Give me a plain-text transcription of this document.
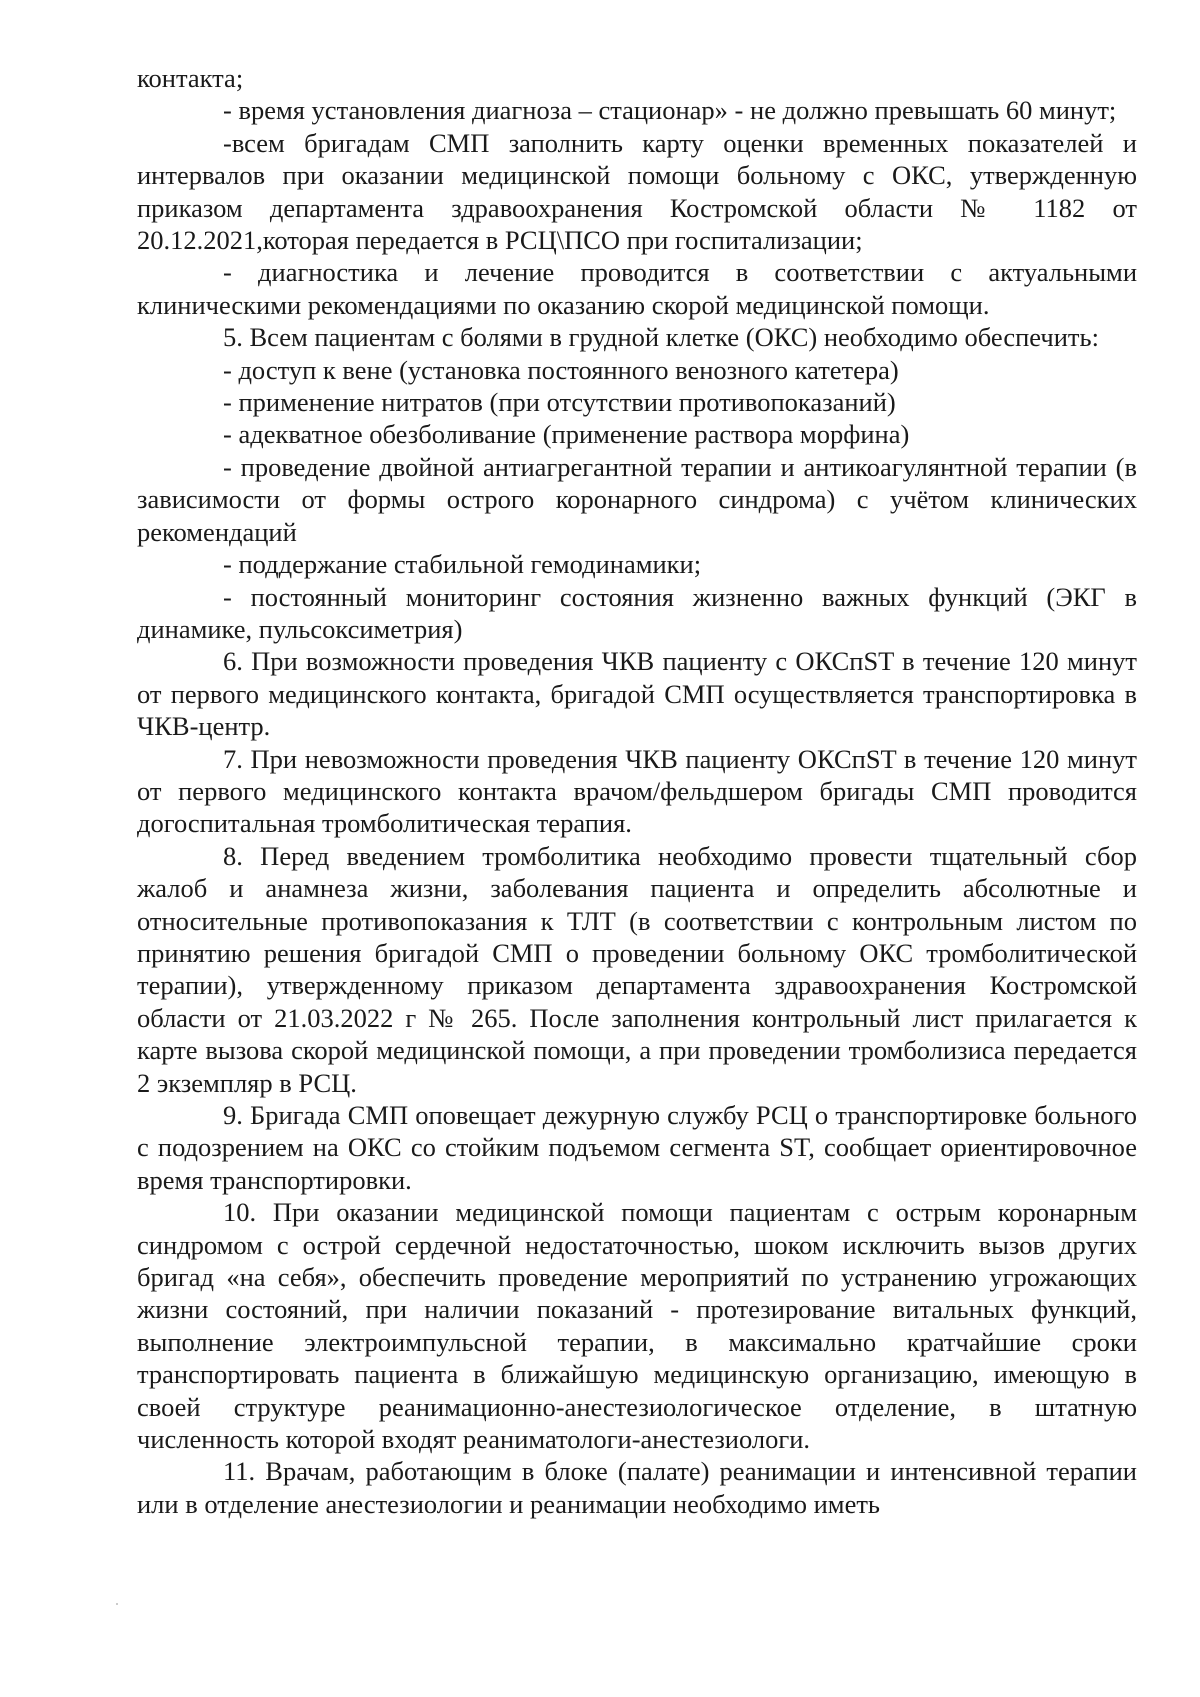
контакта;

- время установления диагноза – стационар» - не должно превышать 60 минут;

-всем бригадам СМП заполнить карту оценки временных показателей и интервалов при оказании медицинской помощи больному с ОКС, утвержденную приказом департамента здравоохранения Костромской области № 1182 от 20.12.2021,которая передается в РСЦ\ПСО при госпитализации;

- диагностика и лечение проводится в соответствии с актуальными клиническими рекомендациями по оказанию скорой медицинской помощи.

5. Всем пациентам с болями в грудной клетке (ОКС) необходимо обеспечить:

- доступ к вене (установка постоянного венозного катетера)

- применение нитратов (при отсутствии противопоказаний)

- адекватное обезболивание (применение раствора морфина)

- проведение двойной антиагрегантной терапии и антикоагулянтной терапии (в зависимости от формы острого коронарного синдрома) с учётом клинических рекомендаций

- поддержание стабильной гемодинамики;

- постоянный мониторинг состояния жизненно важных функций (ЭКГ в динамике, пульсоксиметрия)

6. При возможности проведения ЧКВ пациенту с ОКСпST в течение 120 минут от первого медицинского контакта, бригадой СМП осуществляется транспортировка в ЧКВ-центр.

7. При невозможности проведения ЧКВ пациенту ОКСпST в течение 120 минут от первого медицинского контакта врачом/фельдшером бригады СМП проводится догоспитальная тромболитическая терапия.

8. Перед введением тромболитика необходимо провести тщательный сбор жалоб и анамнеза жизни, заболевания пациента и определить абсолютные и относительные противопоказания к ТЛТ (в соответствии с контрольным листом по принятию решения бригадой СМП о проведении больному ОКС тромболитической терапии), утвержденному приказом департамента здравоохранения Костромской области от 21.03.2022 г № 265. После заполнения контрольный лист прилагается к карте вызова скорой медицинской помощи, а при проведении тромболизиса передается 2 экземпляр в РСЦ.

9. Бригада СМП оповещает дежурную службу РСЦ о транспортировке больного с подозрением на ОКС со стойким подъемом сегмента ST, сообщает ориентировочное время транспортировки.

10. При оказании медицинской помощи пациентам с острым коронарным синдромом с острой сердечной недостаточностью, шоком исключить вызов других бригад «на себя», обеспечить проведение мероприятий по устранению угрожающих жизни состояний, при наличии показаний - протезирование витальных функций, выполнение электроимпульсной терапии, в максимально кратчайшие сроки транспортировать пациента в ближайшую медицинскую организацию, имеющую в своей структуре реанимационно-анестезиологическое отделение, в штатную численность которой входят реаниматологи-анестезиологи.

11. Врачам, работающим в блоке (палате) реанимации и интенсивной терапии или в отделение анестезиологии и реанимации необходимо иметь
